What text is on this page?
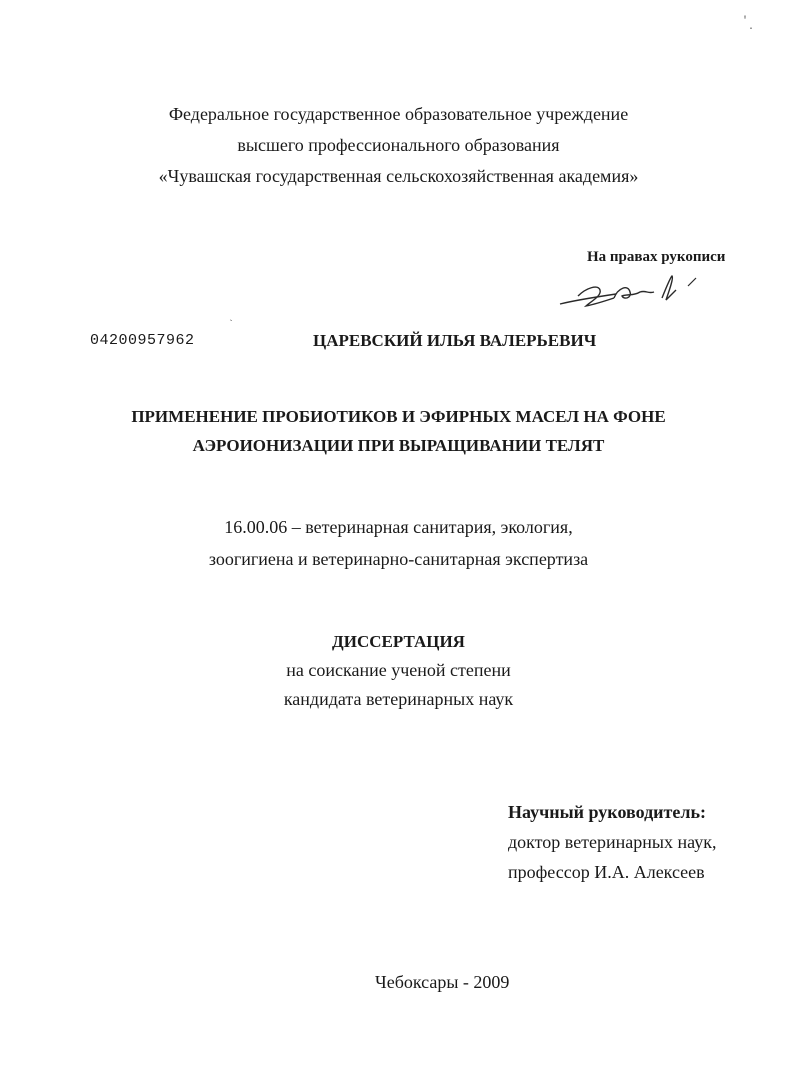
'
.
Федеральное государственное образовательное учреждение
высшего профессионального образования
«Чувашская государственная сельскохозяйственная академия»
На правах рукописи
04200957962
`
ЦАРЕВСКИЙ ИЛЬЯ ВАЛЕРЬЕВИЧ
ПРИМЕНЕНИЕ ПРОБИОТИКОВ И ЭФИРНЫХ МАСЕЛ НА ФОНЕ
АЭРОИОНИЗАЦИИ ПРИ ВЫРАЩИВАНИИ ТЕЛЯТ
16.00.06 – ветеринарная санитария, экология,
зоогигиена и ветеринарно-санитарная экспертиза
ДИССЕРТАЦИЯ
на соискание ученой степени
кандидата ветеринарных наук
Научный руководитель:
доктор ветеринарных наук,
профессор И.А. Алексеев
Чебоксары - 2009
